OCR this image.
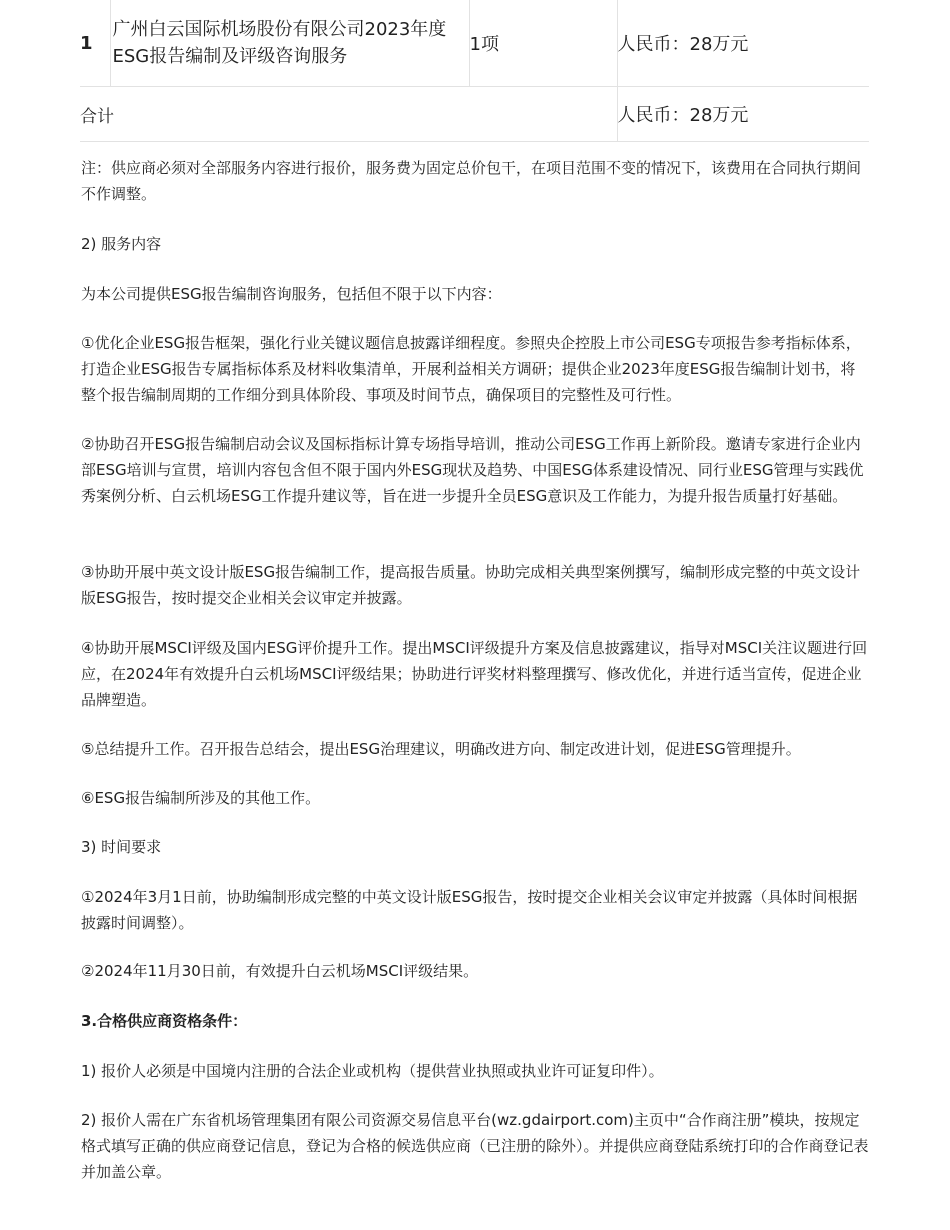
1	广州白云国际机场股份有限公司2023年度ESG报告编制及评级咨询服务	1项	人民币：28万元
合计			人民币：28万元

注：供应商必须对全部服务内容进行报价，服务费为固定总价包干，在项目范围不变的情况下，该费用在合同执行期间不作调整。

2) 服务内容

为本公司提供ESG报告编制咨询服务，包括但不限于以下内容：

①优化企业ESG报告框架，强化行业关键议题信息披露详细程度。参照央企控股上市公司ESG专项报告参考指标体系，打造企业ESG报告专属指标体系及材料收集清单，开展利益相关方调研；提供企业2023年度ESG报告编制计划书，将整个报告编制周期的工作细分到具体阶段、事项及时间节点，确保项目的完整性及可行性。

②协助召开ESG报告编制启动会议及国标指标计算专场指导培训，推动公司ESG工作再上新阶段。邀请专家进行企业内部ESG培训与宣贯，培训内容包含但不限于国内外ESG现状及趋势、中国ESG体系建设情况、同行业ESG管理与实践优秀案例分析、白云机场ESG工作提升建议等，旨在进一步提升全员ESG意识及工作能力，为提升报告质量打好基础。

③协助开展中英文设计版ESG报告编制工作，提高报告质量。协助完成相关典型案例撰写，编制形成完整的中英文设计版ESG报告，按时提交企业相关会议审定并披露。

④协助开展MSCI评级及国内ESG评价提升工作。提出MSCI评级提升方案及信息披露建议，指导对MSCI关注议题进行回应，在2024年有效提升白云机场MSCI评级结果；协助进行评奖材料整理撰写、修改优化，并进行适当宣传，促进企业品牌塑造。

⑤总结提升工作。召开报告总结会，提出ESG治理建议，明确改进方向、制定改进计划，促进ESG管理提升。

⑥ESG报告编制所涉及的其他工作。

3) 时间要求

①2024年3月1日前，协助编制形成完整的中英文设计版ESG报告，按时提交企业相关会议审定并披露（具体时间根据披露时间调整）。

②2024年11月30日前，有效提升白云机场MSCI评级结果。

3.合格供应商资格条件：

1) 报价人必须是中国境内注册的合法企业或机构（提供营业执照或执业许可证复印件）。

2) 报价人需在广东省机场管理集团有限公司资源交易信息平台(wz.gdairport.com)主页中“合作商注册”模块，按规定格式填写正确的供应商登记信息，登记为合格的候选供应商（已注册的除外）。并提供应商登陆系统打印的合作商登记表并加盖公章。
